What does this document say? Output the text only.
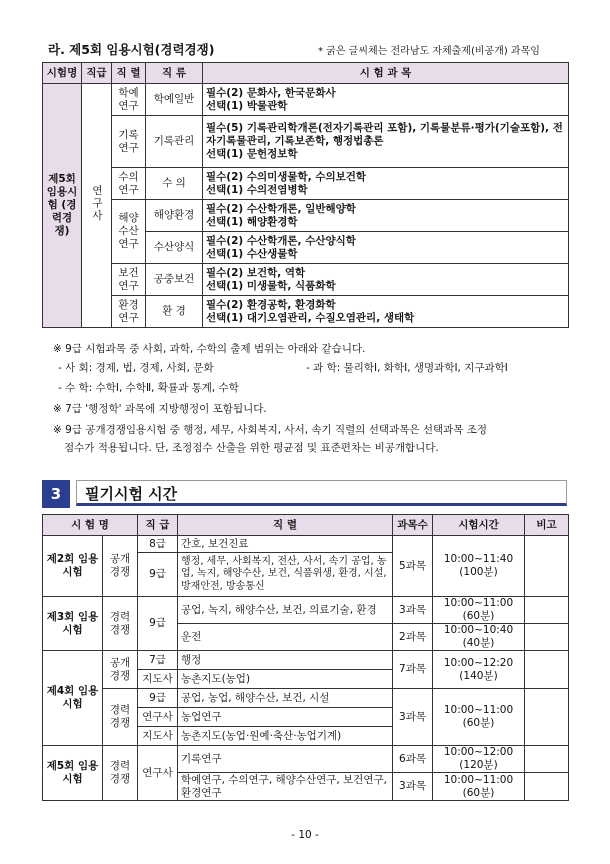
라. 제5회 임용시험(경력경쟁)	* 굵은 글씨체는 전라남도 자체출제(비공개) 과목임
시험명	직급	직 렬	직 류	시 험 과 목
제5회 임용시험 (경력경쟁)	연구사	학예연구	학예일반	필수(2) 문화사, 한국문화사
선택(1) 박물관학

		기록연구	기록관리	필수(5) 기록관리학개론(전자기록관리 포함), 기록물분류·평가(기술포함), 전자기록물관리, 기록보존학, 행정법총론
선택(1) 문헌정보학

		수의연구	수 의	필수(2) 수의미생물학, 수의보건학
선택(1) 수의전염병학

		해양수산연구	해양환경	필수(2) 수산학개론, 일반해양학
선택(1) 해양환경학

			수산양식	필수(2) 수산학개론, 수산양식학
선택(1) 수산생물학

		보건연구	공중보건	필수(2) 보건학, 역학
선택(1) 미생물학, 식품화학

		환경연구	환 경	필수(2) 환경공학, 환경화학
선택(1) 대기오염관리, 수질오염관리, 생태학
※ 9급 시험과목 중 사회, 과학, 수학의 출제 범위는 아래와 같습니다.
- 사 회: 경제, 법, 경제, 사회, 문화	- 과 학: 물리학Ⅰ, 화학Ⅰ, 생명과학Ⅰ, 지구과학Ⅰ
- 수 학: 수학Ⅰ, 수학Ⅱ, 확률과 통계, 수학
※ 7급 '행정학' 과목에 지방행정이 포함됩니다.
※ 9급 공개경쟁임용시험 중 행정, 세무, 사회복지, 사서, 속기 직렬의 선택과목은 선택과목 조정
점수가 적용됩니다. 단, 조정점수 산출을 위한 평균점 및 표준편차는 비공개합니다.
3	필기시험 시간
시 험 명		직 급	직 렬	과목수	시험시간	비고
제2회 임용시험	공개경쟁	8급	간호, 보건진료	5과목	10:00~11:40
(100분)	

		9급	행정, 세무, 사회복지, 전산, 사서, 속기 공업, 농업, 녹지, 해양수산, 보건, 식품위생, 환경, 시설, 방재안전, 방송통신			
제3회 임용시험	경력경쟁	9급	공업, 녹지, 해양수산, 보건, 의료기술, 환경	3과목	10:00~11:00
(60분)	

			운전	2과목	10:00~10:40
(40분)	

제4회 임용시험	공개경쟁	7급	행정	7과목	10:00~12:20
(140분)	

		지도사	농촌지도(농업)			
	경력경쟁	9급	공업, 농업, 해양수산, 보건, 시설	3과목	10:00~11:00
(60분)	

		연구사	농업연구			
		지도사	농촌지도(농업·원예·축산·농업기계)			
제5회 임용시험	경력경쟁	연구사	기록연구	6과목	10:00~12:00
(120분)	

			학예연구, 수의연구, 해양수산연구, 보건연구, 환경연구	3과목	10:00~11:00
(60분)	

- 10 -
